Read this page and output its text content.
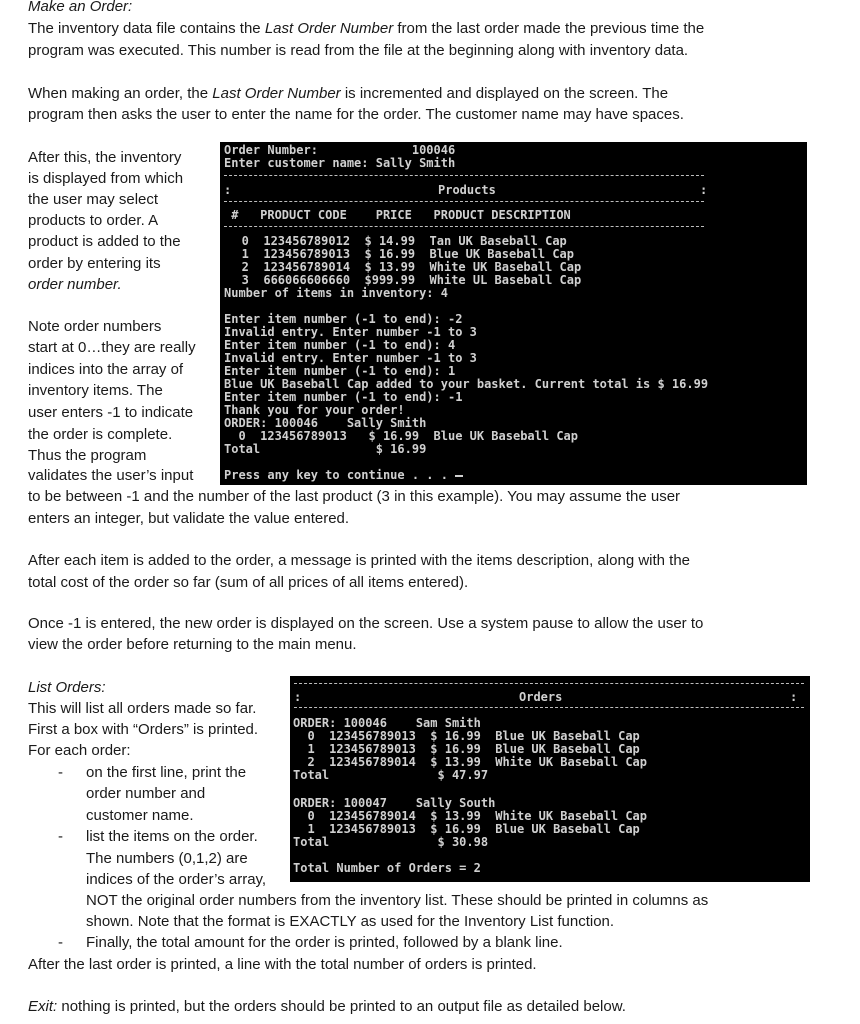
Make an Order:
The inventory data file contains the Last Order Number from the last order made the previous time the
program was executed. This number is read from the file at the beginning along with inventory data.
When making an order, the Last Order Number is incremented and displayed on the screen. The
program then asks the user to enter the name for the order. The customer name may have spaces.
After this, the inventory
is displayed from which
the user may select
products to order. A
product is added to the
order by entering its
order number.
Note order numbers
start at 0…they are really
indices into the array of
inventory items. The
user enters -1 to indicate
the order is complete.
Thus the program
validates the user’s input
to be between -1 and the number of the last product (3 in this example). You may assume the user
enters an integer, but validate the value entered.
After each item is added to the order, a message is printed with the items description, along with the
total cost of the order so far (sum of all prices of all items entered).
Once -1 is entered, the new order is displayed on the screen. Use a system pause to allow the user to
view the order before returning to the main menu.
Order Number:             100046
Enter customer name: Sally Smith
:	Products	:
#   PRODUCT CODE    PRICE   PRODUCT DESCRIPTION
0  123456789012  $ 14.99  Tan UK Baseball Cap
1  123456789013  $ 16.99  Blue UK Baseball Cap
2  123456789014  $ 13.99  White UK Baseball Cap
3  666066606660  $999.99  White UL Baseball Cap
Number of items in inventory: 4
Enter item number (-1 to end): -2
Invalid entry. Enter number -1 to 3
Enter item number (-1 to end): 4
Invalid entry. Enter number -1 to 3
Enter item number (-1 to end): 1
Blue UK Baseball Cap added to your basket. Current total is $ 16.99
Enter item number (-1 to end): -1
Thank you for your order!
ORDER: 100046    Sally Smith
0  123456789013   $ 16.99  Blue UK Baseball Cap
Total                $ 16.99
Press any key to continue . . .
List Orders:
This will list all orders made so far.
First a box with “Orders” is printed.
For each order:
- on the first line, print the
order number and
customer name.
- list the items on the order.
The numbers (0,1,2) are
indices of the order’s array,
NOT the original order numbers from the inventory list. These should be printed in columns as
shown. Note that the format is EXACTLY as used for the Inventory List function.
- Finally, the total amount for the order is printed, followed by a blank line.
After the last order is printed, a line with the total number of orders is printed.
Exit: nothing is printed, but the orders should be printed to an output file as detailed below.
:	Orders	:
ORDER: 100046    Sam Smith
0  123456789013  $ 16.99  Blue UK Baseball Cap
1  123456789013  $ 16.99  Blue UK Baseball Cap
2  123456789014  $ 13.99  White UK Baseball Cap
Total               $ 47.97
ORDER: 100047    Sally South
0  123456789014  $ 13.99  White UK Baseball Cap
1  123456789013  $ 16.99  Blue UK Baseball Cap
Total               $ 30.98
Total Number of Orders = 2
